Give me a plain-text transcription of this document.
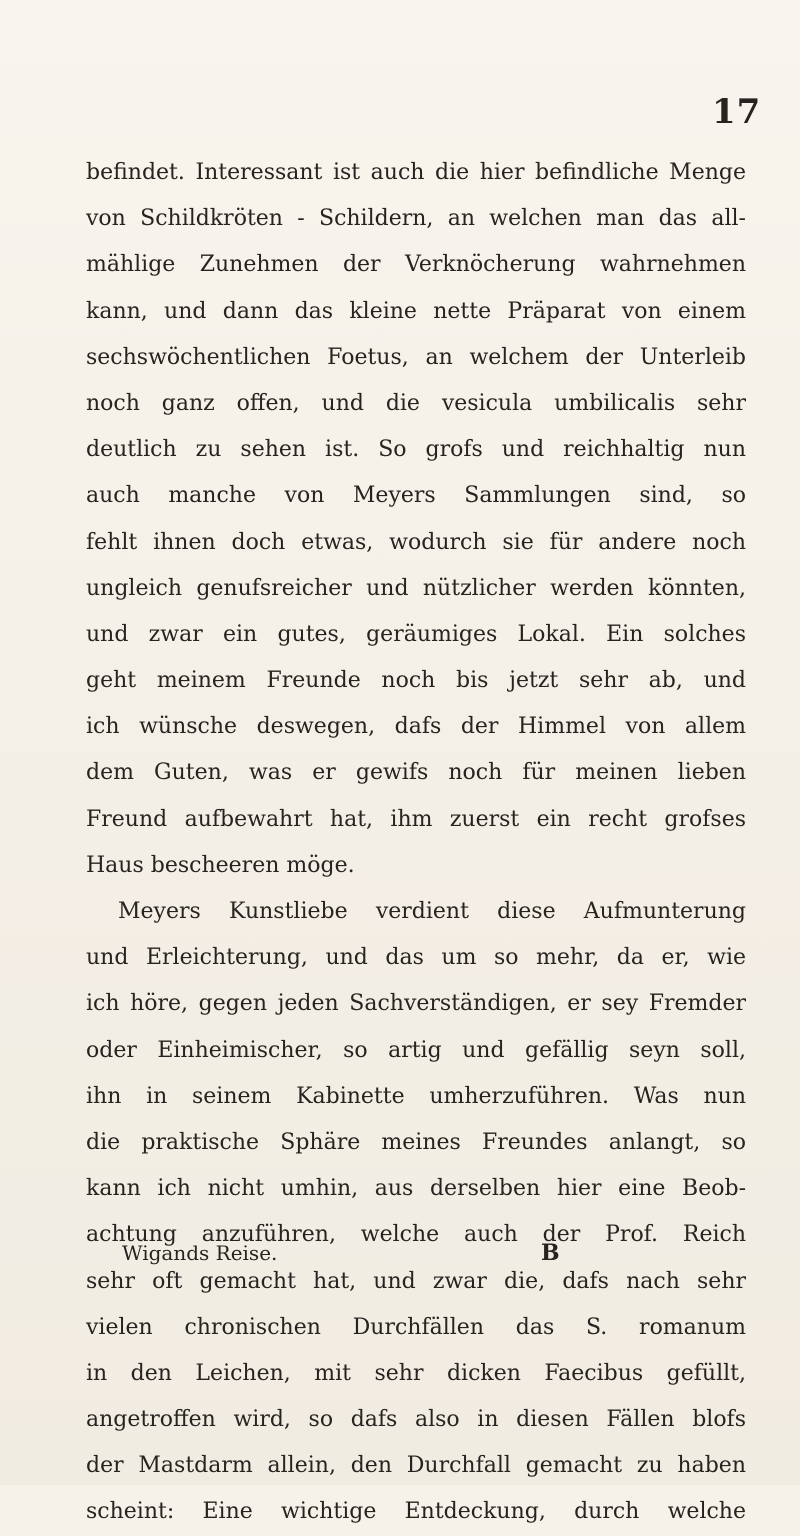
17
befindet. Interessant ist auch die hier befindliche Menge
von Schildkröten - Schildern, an welchen man das all-
mählige Zunehmen der Verknöcherung wahrnehmen
kann, und dann das kleine nette Präparat von einem
sechswöchentlichen Foetus, an welchem der Unterleib
noch ganz offen, und die vesicula umbilicalis sehr
deutlich zu sehen ist. So grofs und reichhaltig nun
auch manche von Meyers Sammlungen sind, so
fehlt ihnen doch etwas, wodurch sie für andere noch
ungleich genufsreicher und nützlicher werden könnten,
und zwar ein gutes, geräumiges Lokal. Ein solches
geht meinem Freunde noch bis jetzt sehr ab, und
ich wünsche deswegen, dafs der Himmel von allem
dem Guten, was er gewifs noch für meinen lieben
Freund aufbewahrt hat, ihm zuerst ein recht grofses
Haus bescheeren möge.
Meyers Kunstliebe verdient diese Aufmunterung
und Erleichterung, und das um so mehr, da er, wie
ich höre, gegen jeden Sachverständigen, er sey Fremder
oder Einheimischer, so artig und gefällig seyn soll,
ihn in seinem Kabinette umherzuführen. Was nun
die praktische Sphäre meines Freundes anlangt, so
kann ich nicht umhin, aus derselben hier eine Beob-
achtung anzuführen, welche auch der Prof. Reich
sehr oft gemacht hat, und zwar die, dafs nach sehr
vielen chronischen Durchfällen das S. romanum
in den Leichen, mit sehr dicken Faecibus gefüllt,
angetroffen wird, so dafs also in diesen Fällen blofs
der Mastdarm allein, den Durchfall gemacht zu haben
scheint: Eine wichtige Entdeckung, durch welche
Wigands Reise.	B
